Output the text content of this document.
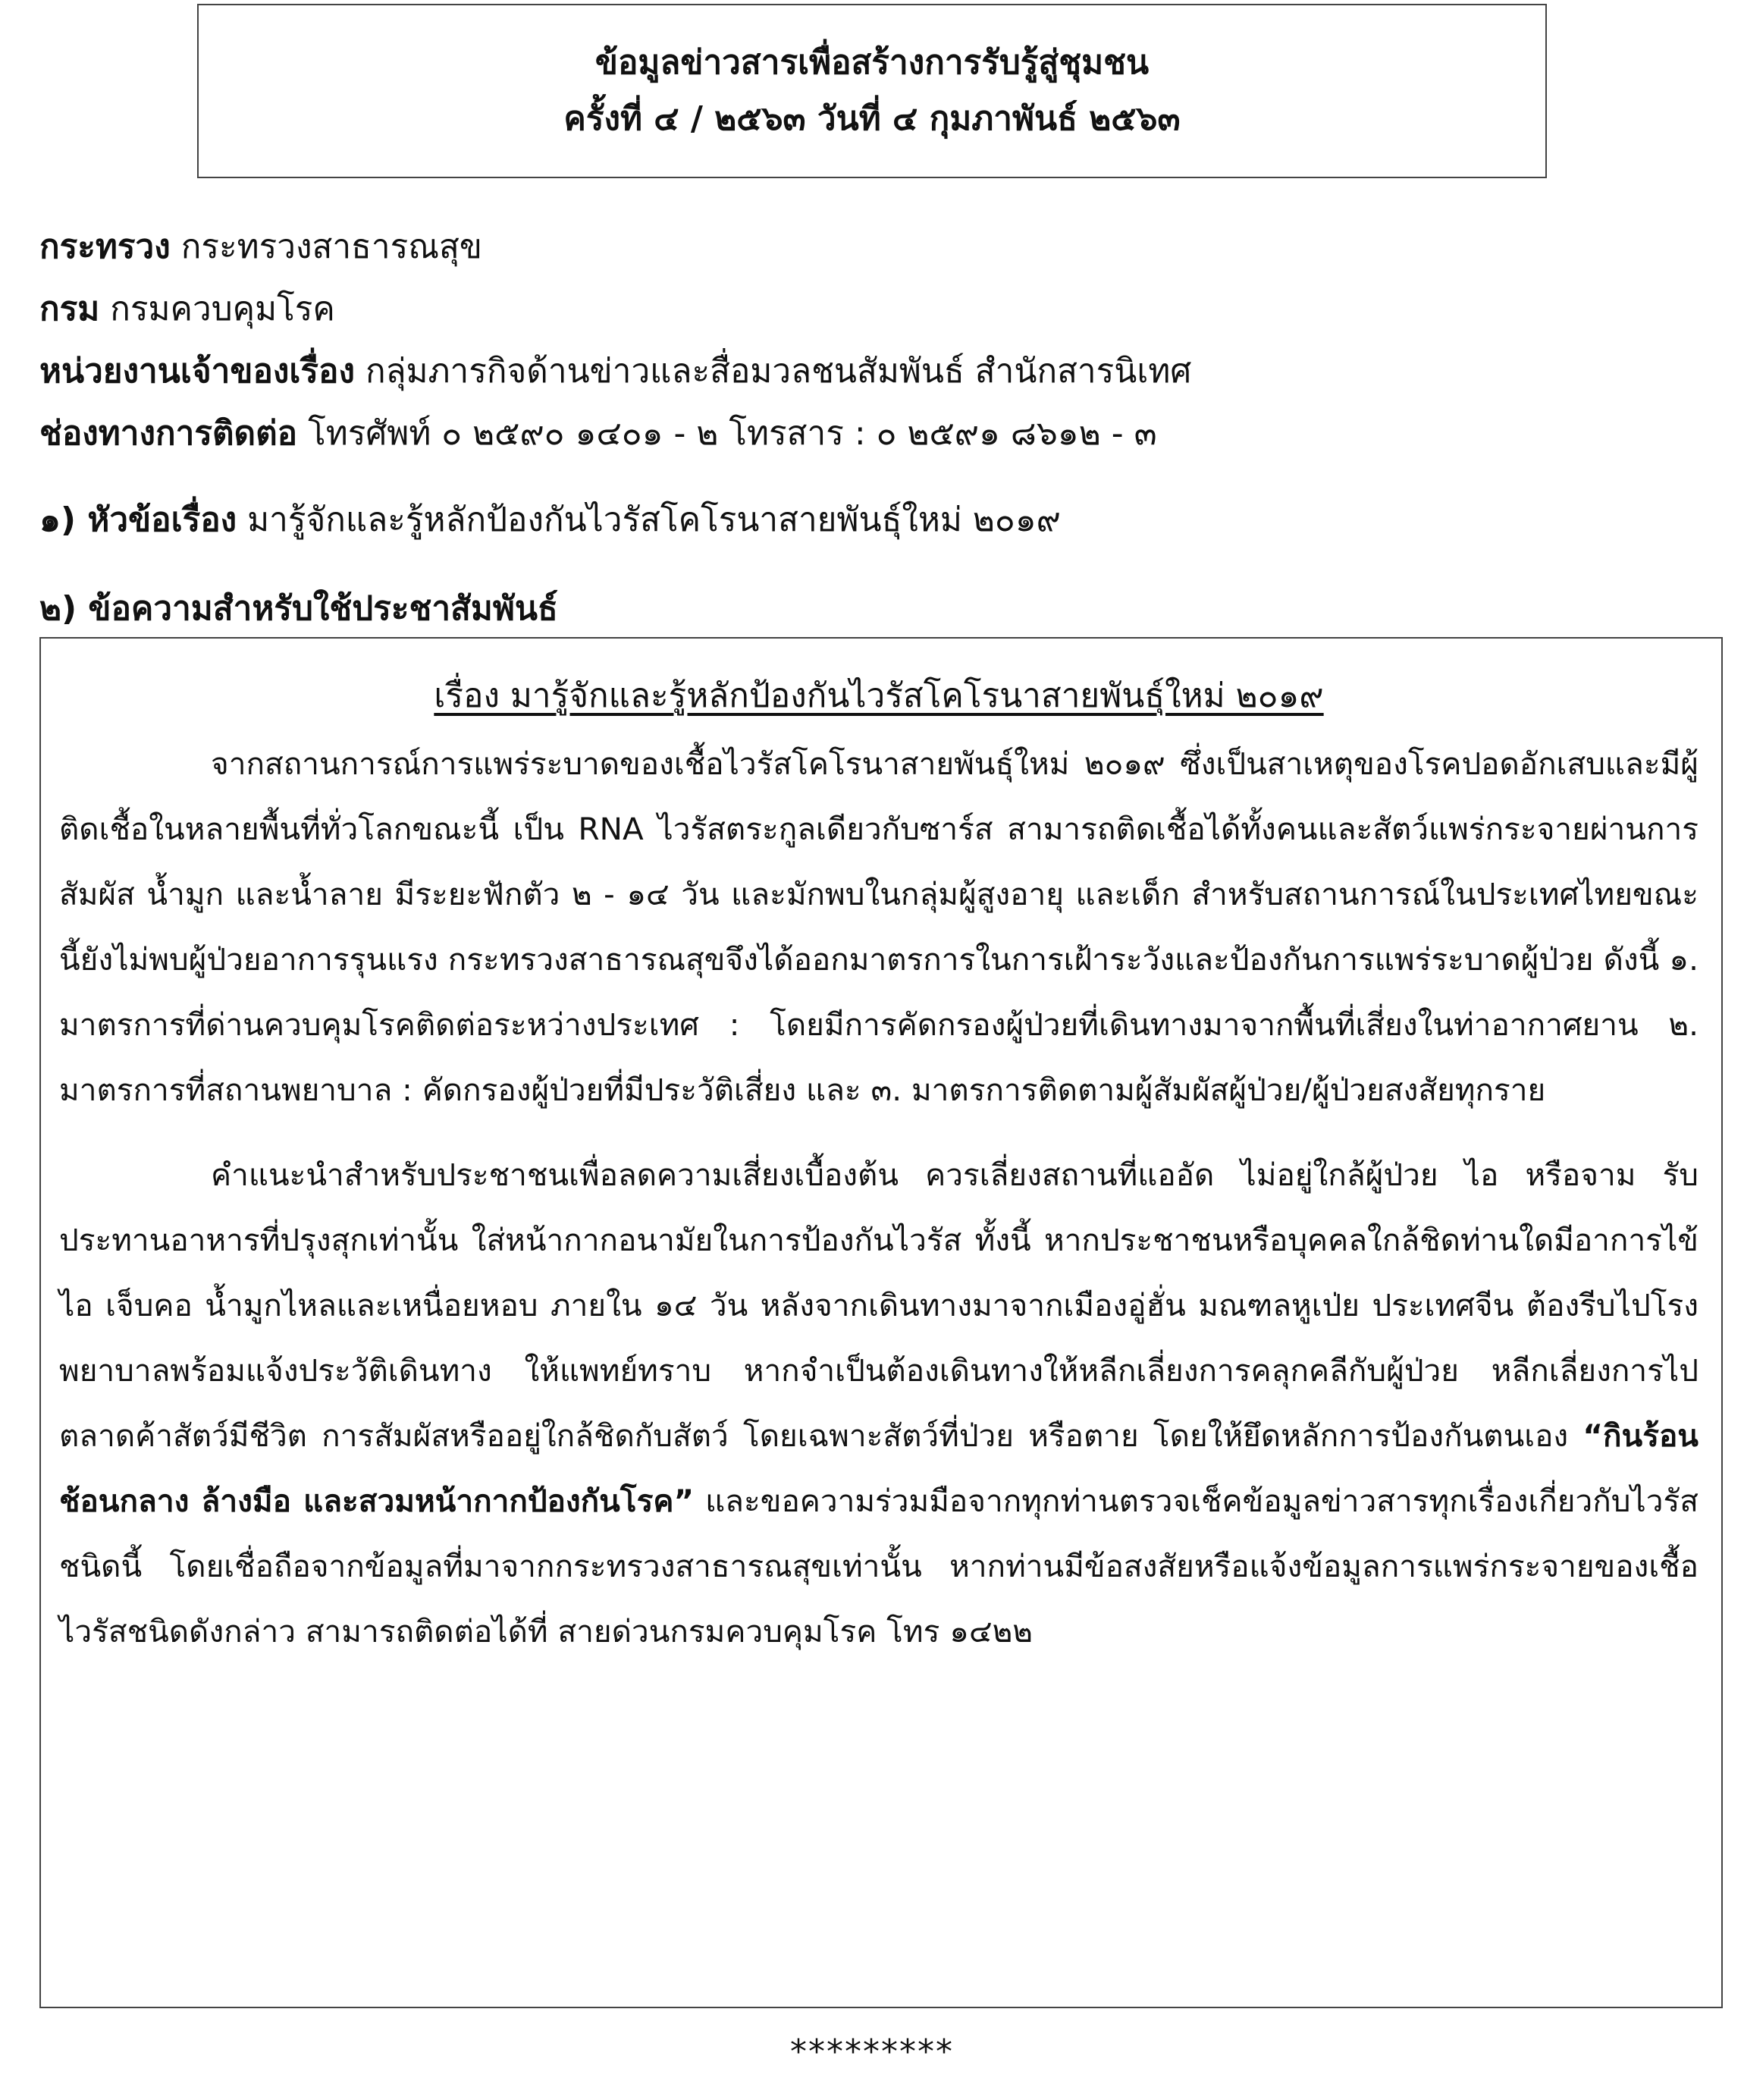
ข้อมูลข่าวสารเพื่อสร้างการรับรู้สู่ชุมชน
ครั้งที่ ๔ / ๒๕๖๓ วันที่ ๔ กุมภาพันธ์ ๒๕๖๓
กระทรวง กระทรวงสาธารณสุข
กรม กรมควบคุมโรค
หน่วยงานเจ้าของเรื่อง กลุ่มภารกิจด้านข่าวและสื่อมวลชนสัมพันธ์ สำนักสารนิเทศ
ช่องทางการติดต่อ โทรศัพท์ ๐ ๒๕๙๐ ๑๔๐๑ - ๒ โทรสาร : ๐ ๒๕๙๑ ๘๖๑๒ - ๓
๑) หัวข้อเรื่อง มารู้จักและรู้หลักป้องกันไวรัสโคโรนาสายพันธุ์ใหม่ ๒๐๑๙
๒) ข้อความสำหรับใช้ประชาสัมพันธ์
เรื่อง มารู้จักและรู้หลักป้องกันไวรัสโคโรนาสายพันธุ์ใหม่ ๒๐๑๙

จากสถานการณ์การแพร่ระบาดของเชื้อไวรัสโคโรนาสายพันธุ์ใหม่ ๒๐๑๙ ซึ่งเป็นสาเหตุของโรคปอดอักเสบและมีผู้ติดเชื้อในหลายพื้นที่ทั่วโลกขณะนี้ เป็น RNA ไวรัสตระกูลเดียวกับซาร์ส สามารถติดเชื้อได้ทั้งคนและสัตว์แพร่กระจายผ่านการสัมผัส น้ำมูก และน้ำลาย มีระยะฟักตัว ๒ - ๑๔ วัน และมักพบในกลุ่มผู้สูงอายุ และเด็ก สำหรับสถานการณ์ในประเทศไทยขณะนี้ยังไม่พบผู้ป่วยอาการรุนแรง กระทรวงสาธารณสุขจึงได้ออกมาตรการในการเฝ้าระวังและป้องกันการแพร่ระบาดผู้ป่วย ดังนี้ ๑. มาตรการที่ด่านควบคุมโรคติดต่อระหว่างประเทศ : โดยมีการคัดกรองผู้ป่วยที่เดินทางมาจากพื้นที่เสี่ยงในท่าอากาศยาน ๒. มาตรการที่สถานพยาบาล : คัดกรองผู้ป่วยที่มีประวัติเสี่ยง และ ๓. มาตรการติดตามผู้สัมผัสผู้ป่วย/ผู้ป่วยสงสัยทุกราย

คำแนะนำสำหรับประชาชนเพื่อลดความเสี่ยงเบื้องต้น ควรเลี่ยงสถานที่แออัด ไม่อยู่ใกล้ผู้ป่วย ไอ หรือจาม รับประทานอาหารที่ปรุงสุกเท่านั้น ใส่หน้ากากอนามัยในการป้องกันไวรัส ทั้งนี้ หากประชาชนหรือบุคคลใกล้ชิดท่านใดมีอาการไข้ ไอ เจ็บคอ น้ำมูกไหลและเหนื่อยหอบ ภายใน ๑๔ วัน หลังจากเดินทางมาจากเมืองอู่ฮั่น มณฑลหูเป่ย ประเทศจีน ต้องรีบไปโรงพยาบาลพร้อมแจ้งประวัติเดินทาง ให้แพทย์ทราบ หากจำเป็นต้องเดินทางให้หลีกเลี่ยงการคลุกคลีกับผู้ป่วย หลีกเลี่ยงการไปตลาดค้าสัตว์มีชีวิต การสัมผัสหรืออยู่ใกล้ชิดกับสัตว์ โดยเฉพาะสัตว์ที่ป่วย หรือตาย โดยให้ยึดหลักการป้องกันตนเอง “กินร้อน ช้อนกลาง ล้างมือ และสวมหน้ากากป้องกันโรค” และขอความร่วมมือจากทุกท่านตรวจเช็คข้อมูลข่าวสารทุกเรื่องเกี่ยวกับไวรัสชนิดนี้ โดยเชื่อถือจากข้อมูลที่มาจากกระทรวงสาธารณสุขเท่านั้น หากท่านมีข้อสงสัยหรือแจ้งข้อมูลการแพร่กระจายของเชื้อไวรัสชนิดดังกล่าว สามารถติดต่อได้ที่ สายด่วนกรมควบคุมโรค โทร ๑๔๒๒

*********
